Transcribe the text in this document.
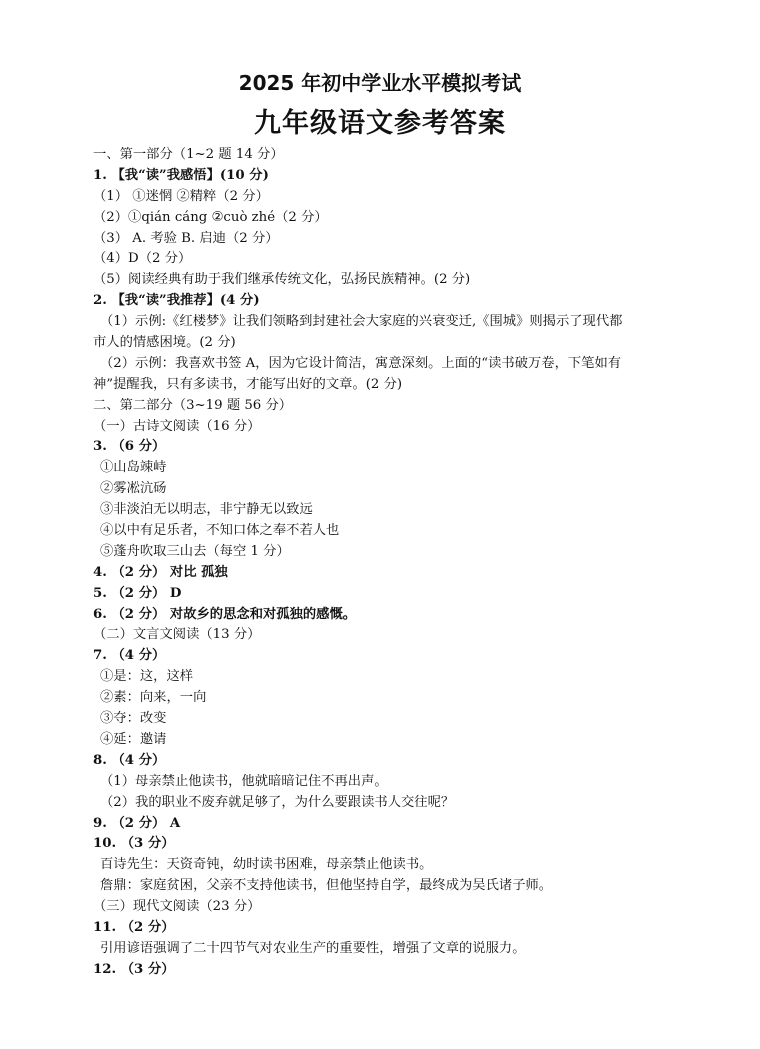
2025 年初中学业水平模拟考试
九年级语文参考答案
一、第一部分（1~2 题 14 分）
1. 【我“读”我感悟】(10 分)
（1） ①迷惘 ②精粹（2 分）
（2）①qián cáng ②cuò zhé（2 分）
（3） A. 考验 B. 启迪（2 分）
（4）D（2 分）
（5）阅读经典有助于我们继承传统文化，弘扬民族精神。(2 分)
2. 【我“读”我推荐】(4 分)
（1）示例:《红楼梦》让我们领略到封建社会大家庭的兴衰变迁,《围城》则揭示了现代都
市人的情感困境。(2 分)
（2）示例：我喜欢书签 A，因为它设计简洁，寓意深刻。上面的“读书破万卷，下笔如有
神”提醒我，只有多读书，才能写出好的文章。(2 分)
二、第二部分（3~19 题 56 分）
（一）古诗文阅读（16 分）
3. （6 分）
①山岛竦峙
②雾凇沆砀
③非淡泊无以明志，非宁静无以致远
④以中有足乐者，不知口体之奉不若人也
⑤蓬舟吹取三山去（每空 1 分）
4. （2 分） 对比 孤独
5. （2 分） D
6. （2 分） 对故乡的思念和对孤独的感慨。
（二）文言文阅读（13 分）
7. （4 分）
①是：这，这样
②素：向来，一向
③夺：改变
④延：邀请
8. （4 分）
（1）母亲禁止他读书，他就暗暗记住不再出声。
（2）我的职业不废弃就足够了，为什么要跟读书人交往呢？
9. （2 分） A
10. （3 分）
百诗先生：天资奇钝，幼时读书困难，母亲禁止他读书。
詹鼎：家庭贫困，父亲不支持他读书，但他坚持自学，最终成为吴氏诸子师。
（三）现代文阅读（23 分）
11. （2 分）
引用谚语强调了二十四节气对农业生产的重要性，增强了文章的说服力。
12. （3 分）
